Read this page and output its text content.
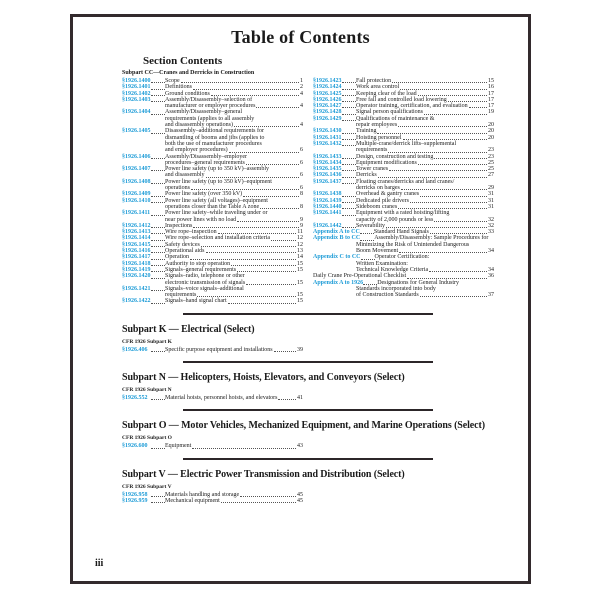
Table of Contents
Section Contents
Subpart CC—Cranes and Derricks in Construction
§1926.1400 Scope	1
§1926.1401 Definitions	2
§1926.1402 Ground conditions	4
§1926.1403 Assembly/Disassembly–selection of
manufacturer or employer procedures	4
§1926.1404 Assembly/Disassembly–general
requirements (applies to all assembly
and disassembly operations)	4
§1926.1405 Disassembly–additional requirements for
dismantling of booms and jibs (applies to
both the use of manufacturer procedures
and employer procedures)	6
§1926.1406 Assembly/Disassembly–employer
procedures–general requirements	6
§1926.1407 Power line safety (up to 350 kV)–assembly
and disassembly	6
§1926.1408 Power line safety (up to 350 kV)–equipment
operations	6
§1926.1409 Power line safety (over 350 kV)	8
§1926.1410 Power line safety (all voltages)–equipment
operations closer than the Table A zone	8
§1926.1411 Power line safety–while traveling under or
near power lines with no load	9
§1926.1412 Inspections	9
§1926.1413 Wire rope–inspection	11
§1926.1414 Wire rope–selection and installation criteria	12
§1926.1415 Safety devices	12
§1926.1416 Operational aids	13
§1926.1417 Operation	14
§1926.1418 Authority to stop operation	15
§1926.1419 Signals–general requirements	15
§1926.1420 Signals–radio, telephone or other
electronic transmission of signals	15
§1926.1421 Signals–voice signals–additional
requirements	15
§1926.1422 Signals–hand signal chart	15
§1926.1423 Fall protection	15
§1926.1424 Work area control	16
§1926.1425 Keeping clear of the load	17
§1926.1426 Free fall and controlled load lowering	17
§1926.1427 Operator training, certification, and evaluation	17
§1926.1428 Signal person qualifications	19
§1926.1429 Qualifications of maintenance &
repair employees	20
§1926.1430 Training	20
§1926.1431 Hoisting personnel	20
§1926.1432 Multiple-crane/derrick lifts–supplemental
requirements	23
§1926.1433 Design, construction and testing	23
§1926.1434 Equipment modifications	25
§1926.1435 Tower cranes	25
§1926.1436 Derricks	27
§1926.1437 Floating cranes/derricks and land cranes/
derricks on barges	29
§1926.1438 Overhead & gantry cranes	31
§1926.1439 Dedicated pile drivers	31
§1926.1440 Sideboom cranes	31
§1926.1441 Equipment with a rated hoisting/lifting
capacity of 2,000 pounds or less	32
§1926.1442 Severability	32
Appendix A to CC Standard Hand Signals	33
Appendix B to CC Assembly/Disassembly: Sample Procedures for
Minimizing the Risk of Unintended Dangerous
Boom Movement	34
Appendix C to CC Operator Certification:
Written Examination:
Technical Knowledge Criteria	34
Daily Crane Pre-Operational Checklist	36
Appendix A to 1926 Designations for General Industry
Standards incorporated into body
of Construction Standards	37
Subpart K — Electrical (Select)
CFR 1926 Subpart K
§1926.406	Specific purpose equipment and installations	39
Subpart N — Helicopters, Hoists, Elevators, and Conveyors (Select)
CFR 1926 Subpart N
§1926.552	Material hoists, personnel hoists, and elevators	41
Subpart O — Motor Vehicles, Mechanized Equipment, and Marine Operations (Select)
CFR 1926 Subpart O
§1926.600	Equipment	43
Subpart V — Electric Power Transmission and Distribution (Select)
CFR 1926 Subpart V
§1926.958	Materials handling and storage	45
§1926.959	Mechanical equipment	45
iii
